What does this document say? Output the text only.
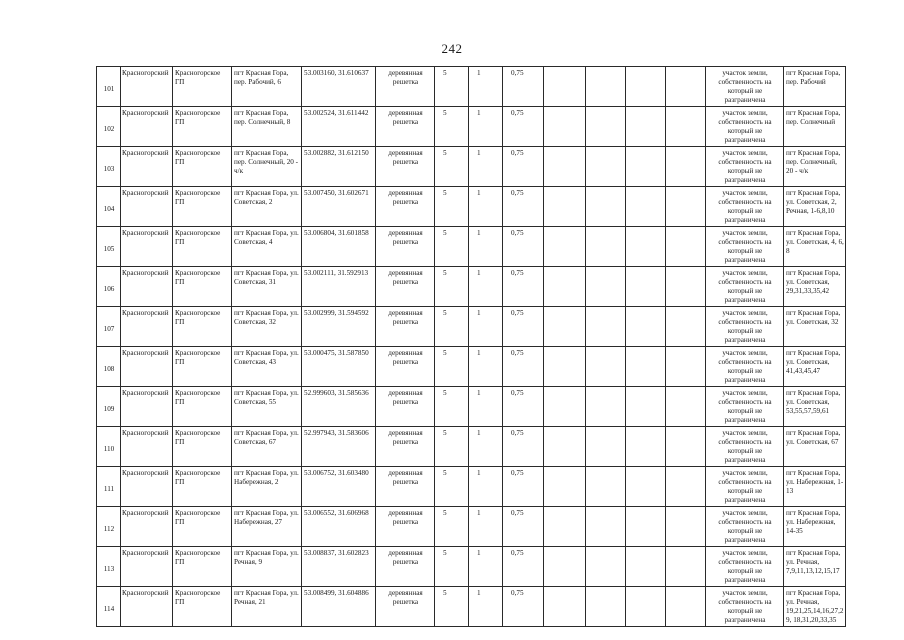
242
101	Красногорский	Красногорское ГП	пгт Красная Гора, пер. Рабочий, 6	53.003160, 31.610637	деревянная решетка	5	1	0,75					участок земли, собственность на который не разграничена	пгт Красная Гора, пер. Рабочий
102	Красногорский	Красногорское ГП	пгт Красная Гора, пер. Солнечный, 8	53.002524, 31.611442	деревянная решетка	5	1	0,75					участок земли, собственность на который не разграничена	пгт Красная Гора, пер. Солнечный
103	Красногорский	Красногорское ГП	пгт Красная Гора, пер. Солнечный, 20 - ч/к	53.002882, 31.612150	деревянная решетка	5	1	0,75					участок земли, собственность на который не разграничена	пгт Красная Гора, пер. Солнечный, 20 - ч/к
104	Красногорский	Красногорское ГП	пгт Красная Гора, ул. Советская, 2	53.007450, 31.602671	деревянная решетка	5	1	0,75					участок земли, собственность на который не разграничена	пгт Красная Гора, ул. Советская, 2, Речная, 1-6,8,10
105	Красногорский	Красногорское ГП	пгт Красная Гора, ул. Советская, 4	53.006804, 31.601858	деревянная решетка	5	1	0,75					участок земли, собственность на который не разграничена	пгт Красная Гора, ул. Советская, 4, 6, 8
106	Красногорский	Красногорское ГП	пгт Красная Гора, ул. Советская, 31	53.002111, 31.592913	деревянная решетка	5	1	0,75					участок земли, собственность на который не разграничена	пгт Красная Гора, ул. Советская, 29,31,33,35,42
107	Красногорский	Красногорское ГП	пгт Красная Гора, ул. Советская, 32	53.002999, 31.594592	деревянная решетка	5	1	0,75					участок земли, собственность на который не разграничена	пгт Красная Гора, ул. Советская, 32
108	Красногорский	Красногорское ГП	пгт Красная Гора, ул. Советская, 43	53.000475, 31.587850	деревянная решетка	5	1	0,75					участок земли, собственность на который не разграничена	пгт Красная Гора, ул. Советская, 41,43,45,47
109	Красногорский	Красногорское ГП	пгт Красная Гора, ул. Советская, 55	52.999603, 31.585636	деревянная решетка	5	1	0,75					участок земли, собственность на который не разграничена	пгт Красная Гора, ул. Советская, 53,55,57,59,61
110	Красногорский	Красногорское ГП	пгт Красная Гора, ул. Советская, 67	52.997943, 31.583606	деревянная решетка	5	1	0,75					участок земли, собственность на который не разграничена	пгт Красная Гора, ул. Советская, 67
111	Красногорский	Красногорское ГП	пгт Красная Гора, ул. Набережная, 2	53.006752, 31.603480	деревянная решетка	5	1	0,75					участок земли, собственность на который не разграничена	пгт Красная Гора, ул. Набережная, 1-13
112	Красногорский	Красногорское ГП	пгт Красная Гора, ул. Набережная, 27	53.006552, 31.606968	деревянная решетка	5	1	0,75					участок земли, собственность на который не разграничена	пгт Красная Гора, ул. Набережная, 14-35
113	Красногорский	Красногорское ГП	пгт Красная Гора, ул. Речная, 9	53.008837, 31.602823	деревянная решетка	5	1	0,75					участок земли, собственность на который не разграничена	пгт Красная Гора, ул. Речная, 7,9,11,13,12,15,17
114	Красногорский	Красногорское ГП	пгт Красная Гора, ул. Речная, 21	53.008499, 31.604886	деревянная решетка	5	1	0,75					участок земли, собственность на который не разграничена	пгт Красная Гора, ул. Речная, 19,21,25,14,16,27,29, 18,31,20,33,35
